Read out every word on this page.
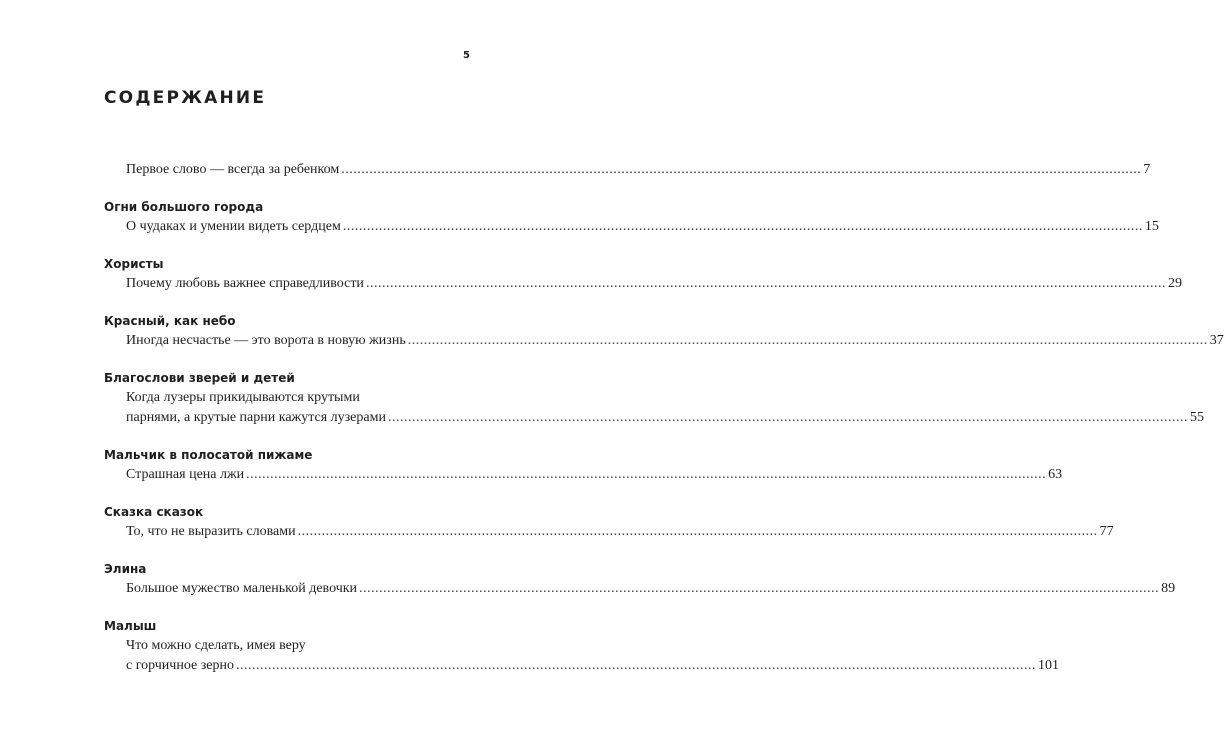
5
СОДЕРЖАНИЕ
Первое слово — всегда за ребенком ........................................................................................................................................................................................................ 7
Огни большого города
О чудаках и умении видеть сердцем ........................................................................................................................................................................................................ 15
Хористы
Почему любовь важнее справедливости ........................................................................................................................................................................................................ 29
Красный, как небо
Иногда несчастье — это ворота в новую жизнь ........................................................................................................................................................................................................ 37
Благослови зверей и детей
Когда лузеры прикидываются крутыми
парнями, а крутые парни кажутся лузерами ........................................................................................................................................................................................................ 55
Мальчик в полосатой пижаме
Страшная цена лжи ........................................................................................................................................................................................................ 63
Сказка сказок
То, что не выразить словами ........................................................................................................................................................................................................ 77
Элина
Большое мужество маленькой девочки ........................................................................................................................................................................................................ 89
Малыш
Что можно сделать, имея веру
с горчичное зерно ........................................................................................................................................................................................................ 101
